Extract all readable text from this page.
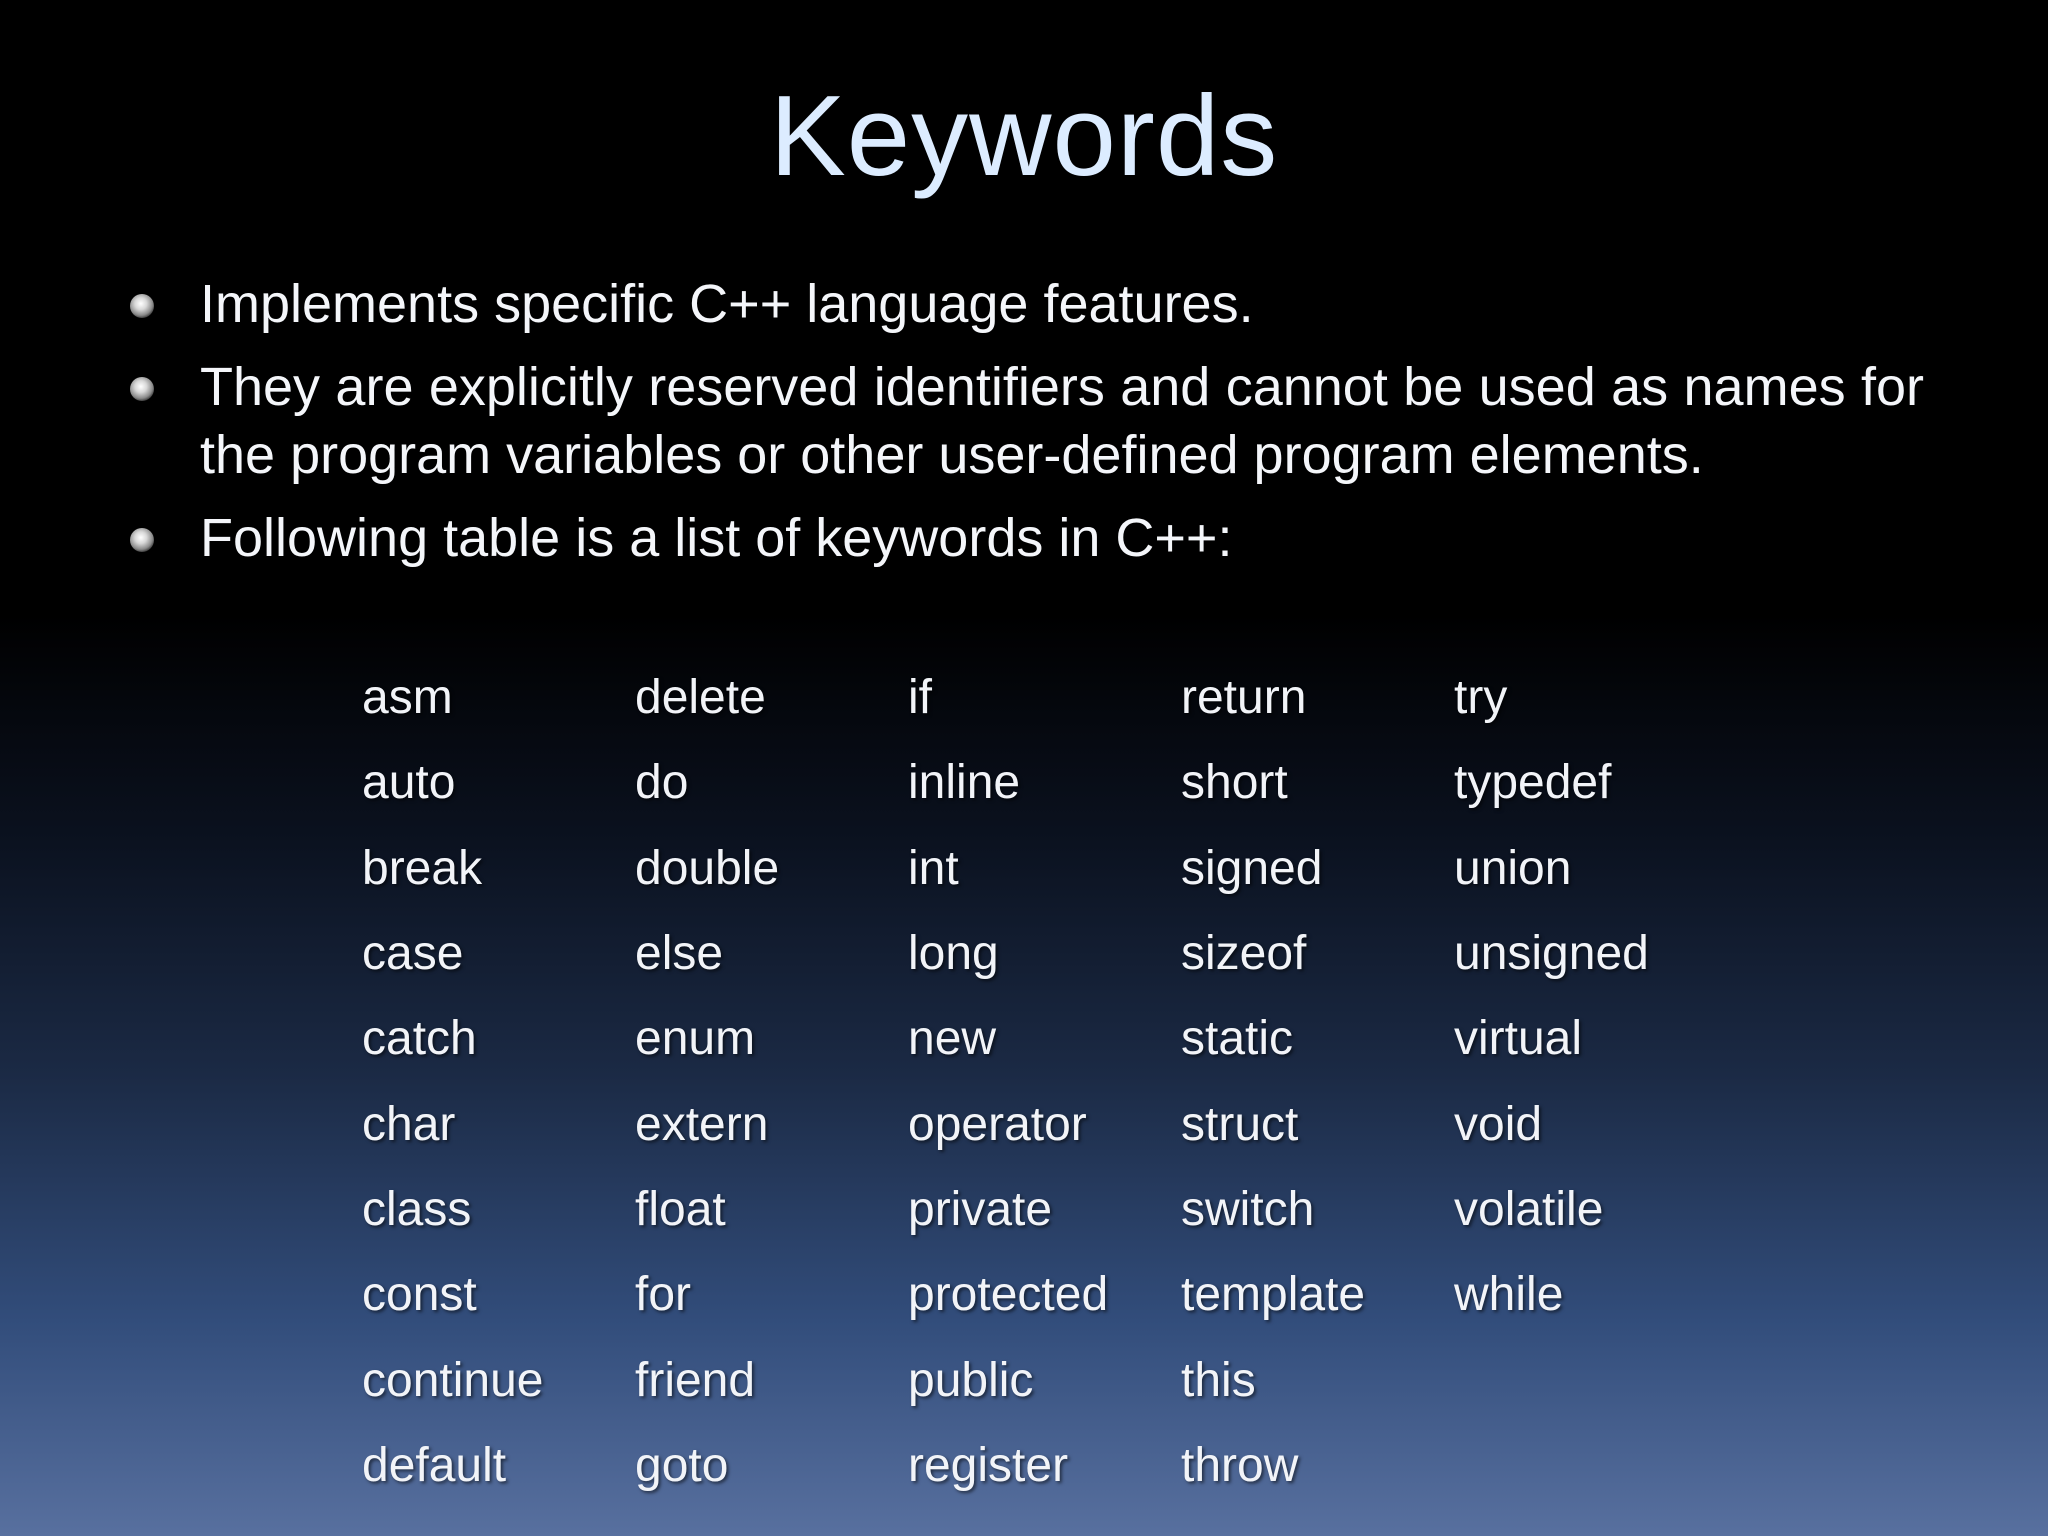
Keywords
Implements specific C++ language features.
They are explicitly reserved identifiers and cannot be used as names for the program variables or other user-defined program elements.
Following table is a list of keywords in C++:
asm	delete	if	return	try
auto	do	inline	short	typedef
break	double	int	signed	union
case	else	long	sizeof	unsigned
catch	enum	new	static	virtual
char	extern	operator	struct	void
class	float	private	switch	volatile
const	for	protected	template	while
continue	friend	public	this	
default	goto	register	throw	
